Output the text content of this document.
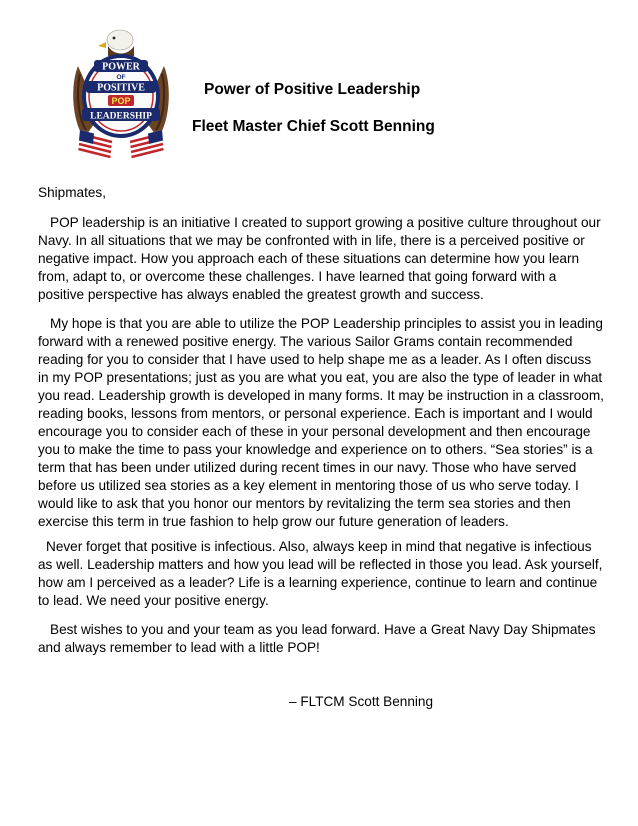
POWER
OF
POSITIVE
POP
LEADERSHIP
Power of Positive Leadership
Fleet Master Chief Scott Benning
Shipmates,
POP leadership is an initiative I created to support growing a positive culture throughout our Navy. In all situations that we may be confronted with in life, there is a perceived positive or negative impact. How you approach each of these situations can determine how you learn from, adapt to, or overcome these challenges. I have learned that going forward with a positive perspective has always enabled the greatest growth and success.
My hope is that you are able to utilize the POP Leadership principles to assist you in leading forward with a renewed positive energy. The various Sailor Grams contain recommended reading for you to consider that I have used to help shape me as a leader. As I often discuss in my POP presentations; just as you are what you eat, you are also the type of leader in what you read. Leadership growth is developed in many forms. It may be instruction in a classroom, reading books, lessons from mentors, or personal experience. Each is important and I would encourage you to consider each of these in your personal development and then encourage you to make the time to pass your knowledge and experience on to others. “Sea stories” is a term that has been under utilized during recent times in our navy. Those who have served before us utilized sea stories as a key element in mentoring those of us who serve today. I would like to ask that you honor our mentors by revitalizing the term sea stories and then exercise this term in true fashion to help grow our future generation of leaders.
Never forget that positive is infectious. Also, always keep in mind that negative is infectious as well. Leadership matters and how you lead will be reflected in those you lead. Ask yourself, how am I perceived as a leader? Life is a learning experience, continue to learn and continue to lead. We need your positive energy.
Best wishes to you and your team as you lead forward. Have a Great Navy Day Shipmates and always remember to lead with a little POP!
– FLTCM Scott Benning
